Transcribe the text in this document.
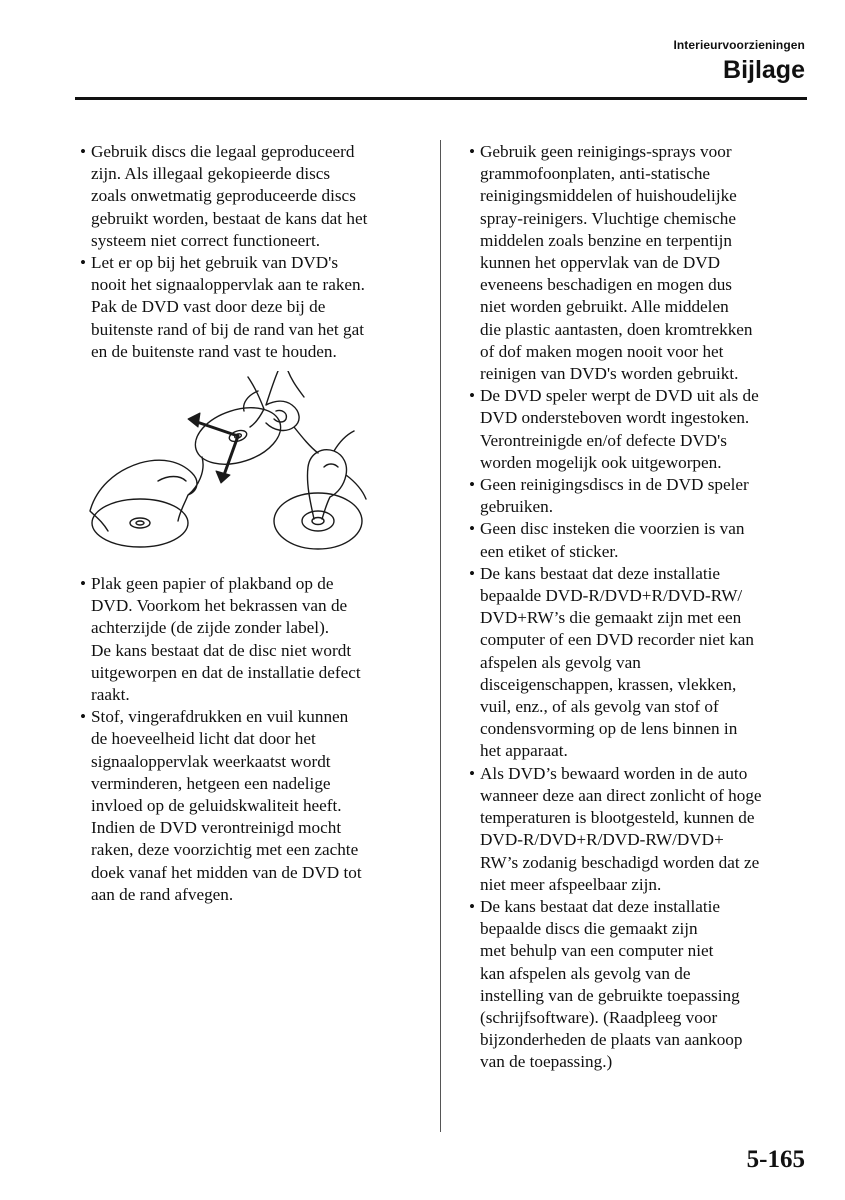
Interieurvoorzieningen
Bijlage
• Gebruik discs die legaal geproduceerd
zijn. Als illegaal gekopieerde discs
zoals onwetmatig geproduceerde discs
gebruikt worden, bestaat de kans dat het
systeem niet correct functioneert.
• Let er op bij het gebruik van DVD's
nooit het signaaloppervlak aan te raken.
Pak de DVD vast door deze bij de
buitenste rand of bij de rand van het gat
en de buitenste rand vast te houden.
• Plak geen papier of plakband op de
DVD. Voorkom het bekrassen van de
achterzijde (de zijde zonder label).
De kans bestaat dat de disc niet wordt
uitgeworpen en dat de installatie defect
raakt.
• Stof, vingerafdrukken en vuil kunnen
de hoeveelheid licht dat door het
signaaloppervlak weerkaatst wordt
verminderen, hetgeen een nadelige
invloed op de geluidskwaliteit heeft.
Indien de DVD verontreinigd mocht
raken, deze voorzichtig met een zachte
doek vanaf het midden van de DVD tot
aan de rand afvegen.
• Gebruik geen reinigings-sprays voor
grammofoonplaten, anti-statische
reinigingsmiddelen of huishoudelijke
spray-reinigers. Vluchtige chemische
middelen zoals benzine en terpentijn
kunnen het oppervlak van de DVD
eveneens beschadigen en mogen dus
niet worden gebruikt. Alle middelen
die plastic aantasten, doen kromtrekken
of dof maken mogen nooit voor het
reinigen van DVD's worden gebruikt.
• De DVD speler werpt de DVD uit als de
DVD ondersteboven wordt ingestoken.
Verontreinigde en/of defecte DVD's
worden mogelijk ook uitgeworpen.
• Geen reinigingsdiscs in de DVD speler
gebruiken.
• Geen disc insteken die voorzien is van
een etiket of sticker.
• De kans bestaat dat deze installatie
bepaalde DVD-R/DVD+R/DVD-RW/
DVD+RW’s die gemaakt zijn met een
computer of een DVD recorder niet kan
afspelen als gevolg van
disceigenschappen, krassen, vlekken,
vuil, enz., of als gevolg van stof of
condensvorming op de lens binnen in
het apparaat.
• Als DVD’s bewaard worden in de auto
wanneer deze aan direct zonlicht of hoge
temperaturen is blootgesteld, kunnen de
DVD-R/DVD+R/DVD-RW/DVD+
RW’s zodanig beschadigd worden dat ze
niet meer afspeelbaar zijn.
• De kans bestaat dat deze installatie
bepaalde discs die gemaakt zijn
met behulp van een computer niet
kan afspelen als gevolg van de
instelling van de gebruikte toepassing
(schrijfsoftware). (Raadpleeg voor
bijzonderheden de plaats van aankoop
van de toepassing.)
5-165
